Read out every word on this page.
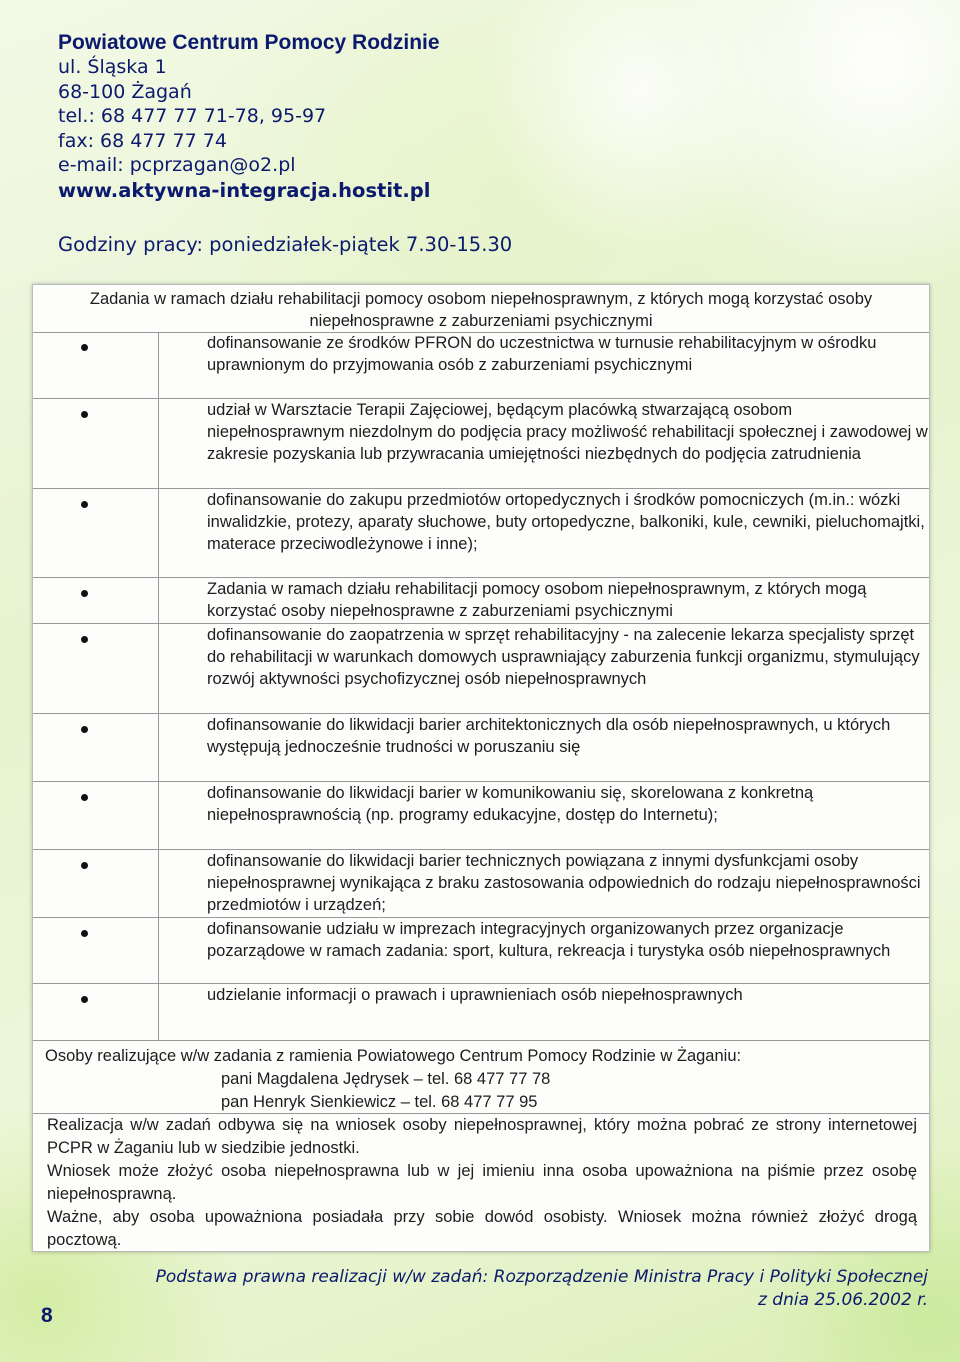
Powiatowe Centrum Pomocy Rodzinie
ul. Śląska 1
68-100 Żagań
tel.: 68 477 77 71-78, 95-97
fax: 68 477 77 74
e-mail: pcprzagan@o2.pl
www.aktywna-integracja.hostit.pl
Godziny pracy: poniedziałek-piątek 7.30-15.30
Zadania w ramach działu rehabilitacji pomocy osobom niepełnosprawnym, z których mogą korzystać osoby niepełnosprawne z zaburzeniami psychicznymi
	dofinansowanie ze środków PFRON do uczestnictwa w turnusie rehabilitacyjnym w ośrodku uprawnionym do przyjmowania osób z zaburzeniami psychicznymi

	udział w Warsztacie Terapii Zajęciowej, będącym placówką stwarzającą osobom niepełnosprawnym niezdolnym do podjęcia pracy możliwość rehabilitacji społecznej i zawodowej w zakresie pozyskania lub przywracania umiejętności niezbędnych do podjęcia zatrudnienia

	dofinansowanie do zakupu przedmiotów ortopedycznych i środków pomocniczych (m.in.: wózki inwalidzkie, protezy, aparaty słuchowe, buty ortopedyczne, balkoniki, kule, cewniki, pieluchomajtki, materace przeciwodleżynowe i inne);

	Zadania w ramach działu rehabilitacji pomocy osobom niepełnosprawnym, z których mogą korzystać osoby niepełnosprawne z zaburzeniami psychicznymi

	dofinansowanie do zaopatrzenia w sprzęt rehabilitacyjny - na zalecenie lekarza specjalisty sprzęt do rehabilitacji w warunkach domowych usprawniający zaburzenia funkcji organizmu, stymulujący rozwój aktywności psychofizycznej osób niepełnosprawnych

	dofinansowanie do likwidacji barier architektonicznych dla osób niepełnosprawnych, u których występują jednocześnie trudności w poruszaniu się

	dofinansowanie do likwidacji barier w komunikowaniu się, skorelowana z konkretną niepełnosprawnością (np. programy edukacyjne, dostęp do Internetu);

	dofinansowanie do likwidacji barier technicznych powiązana z innymi dysfunkcjami osoby niepełnosprawnej wynikająca z braku zastosowania odpowiednich do rodzaju niepełnosprawności przedmiotów i urządzeń;

	dofinansowanie udziału w imprezach integracyjnych organizowanych przez organizacje pozarządowe w ramach zadania: sport, kultura, rekreacja i turystyka osób niepełnosprawnych

	udzielanie informacji o prawach i uprawnieniach osób niepełnosprawnych
Osoby realizujące w/w zadania z ramienia Powiatowego Centrum Pomocy Rodzinie w Żaganiu:
pani Magdalena Jędrysek – tel. 68 477 77 78
pan Henryk Sienkiewicz – tel. 68 477 77 95
Realizacja w/w zadań odbywa się na wniosek osoby niepełnosprawnej, który można pobrać ze strony internetowej PCPR w Żaganiu lub w siedzibie jednostki.
Wniosek może złożyć osoba niepełnosprawna lub w jej imieniu inna osoba upoważniona na piśmie przez osobę niepełnosprawną.
Ważne, aby osoba upoważniona posiadała przy sobie dowód osobisty. Wniosek można również złożyć drogą pocztową.
Podstawa prawna realizacji w/w zadań: Rozporządzenie Ministra Pracy i Polityki Społecznej
z dnia 25.06.2002 r.
8
